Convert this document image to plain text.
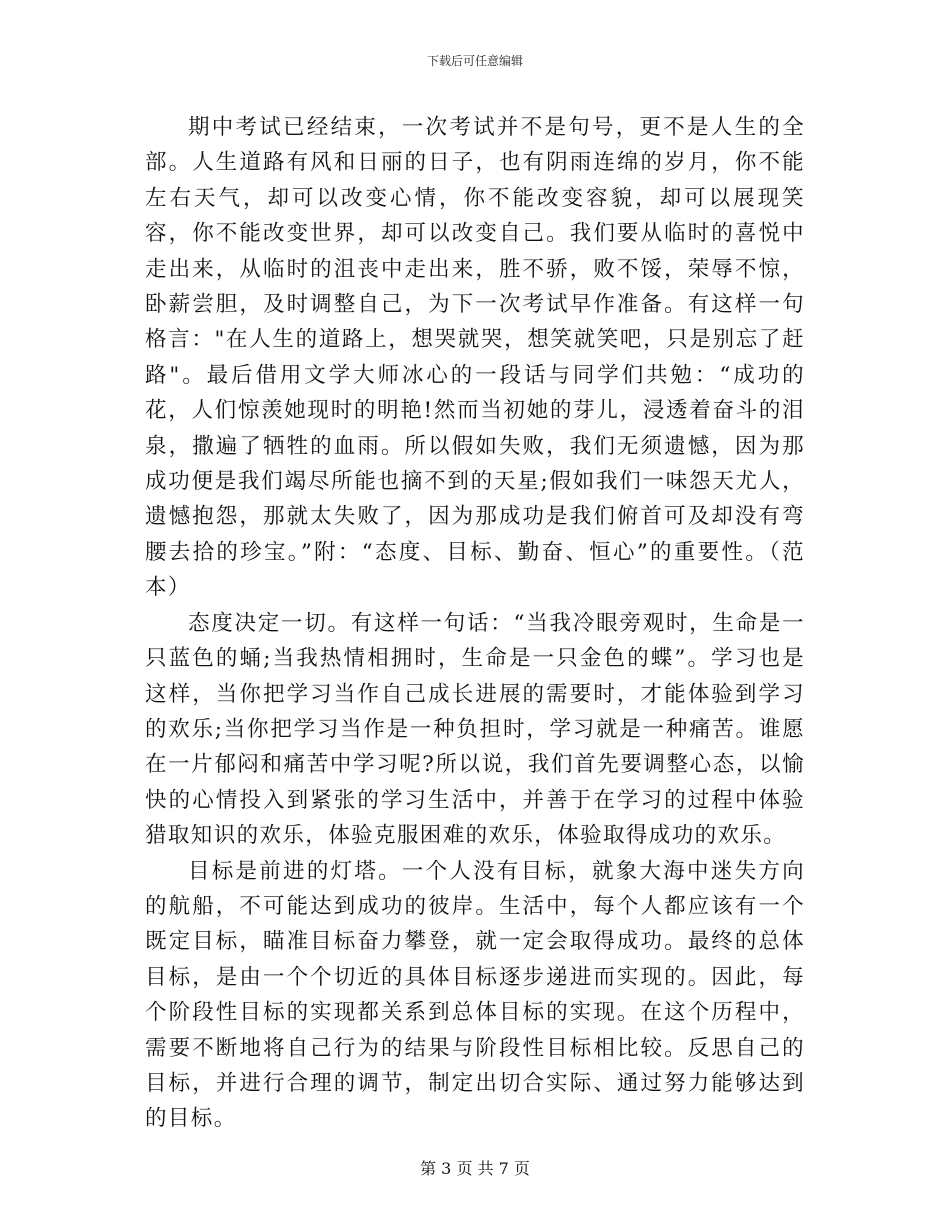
下载后可任意编辑

期中考试已经结束，一次考试并不是句号，更不是人生的全部。人生道路有风和日丽的日子，也有阴雨连绵的岁月，你不能左右天气，却可以改变心情，你不能改变容貌，却可以展现笑容，你不能改变世界，却可以改变自己。我们要从临时的喜悦中走出来，从临时的沮丧中走出来，胜不骄，败不馁，荣辱不惊，卧薪尝胆，及时调整自己，为下一次考试早作准备。有这样一句格言："在人生的道路上，想哭就哭，想笑就笑吧，只是别忘了赶路"。最后借用文学大师冰心的一段话与同学们共勉：“成功的花，人们惊羡她现时的明艳!然而当初她的芽儿，浸透着奋斗的泪泉，撒遍了牺牲的血雨。所以假如失败，我们无须遗憾，因为那成功便是我们竭尽所能也摘不到的天星;假如我们一味怨天尤人，遗憾抱怨，那就太失败了，因为那成功是我们俯首可及却没有弯腰去拾的珍宝。”附：“态度、目标、勤奋、恒心”的重要性。（范本）

态度决定一切。有这样一句话：“当我冷眼旁观时，生命是一只蓝色的蛹;当我热情相拥时，生命是一只金色的蝶”。学习也是这样，当你把学习当作自己成长进展的需要时，才能体验到学习的欢乐;当你把学习当作是一种负担时，学习就是一种痛苦。谁愿在一片郁闷和痛苦中学习呢?所以说，我们首先要调整心态，以愉快的心情投入到紧张的学习生活中，并善于在学习的过程中体验猎取知识的欢乐，体验克服困难的欢乐，体验取得成功的欢乐。

目标是前进的灯塔。一个人没有目标，就象大海中迷失方向的航船，不可能达到成功的彼岸。生活中，每个人都应该有一个既定目标，瞄准目标奋力攀登，就一定会取得成功。最终的总体目标，是由一个个切近的具体目标逐步递进而实现的。因此，每个阶段性目标的实现都关系到总体目标的实现。在这个历程中，需要不断地将自己行为的结果与阶段性目标相比较。反思自己的目标，并进行合理的调节，制定出切合实际、通过努力能够达到的目标。

第 3 页 共 7 页
